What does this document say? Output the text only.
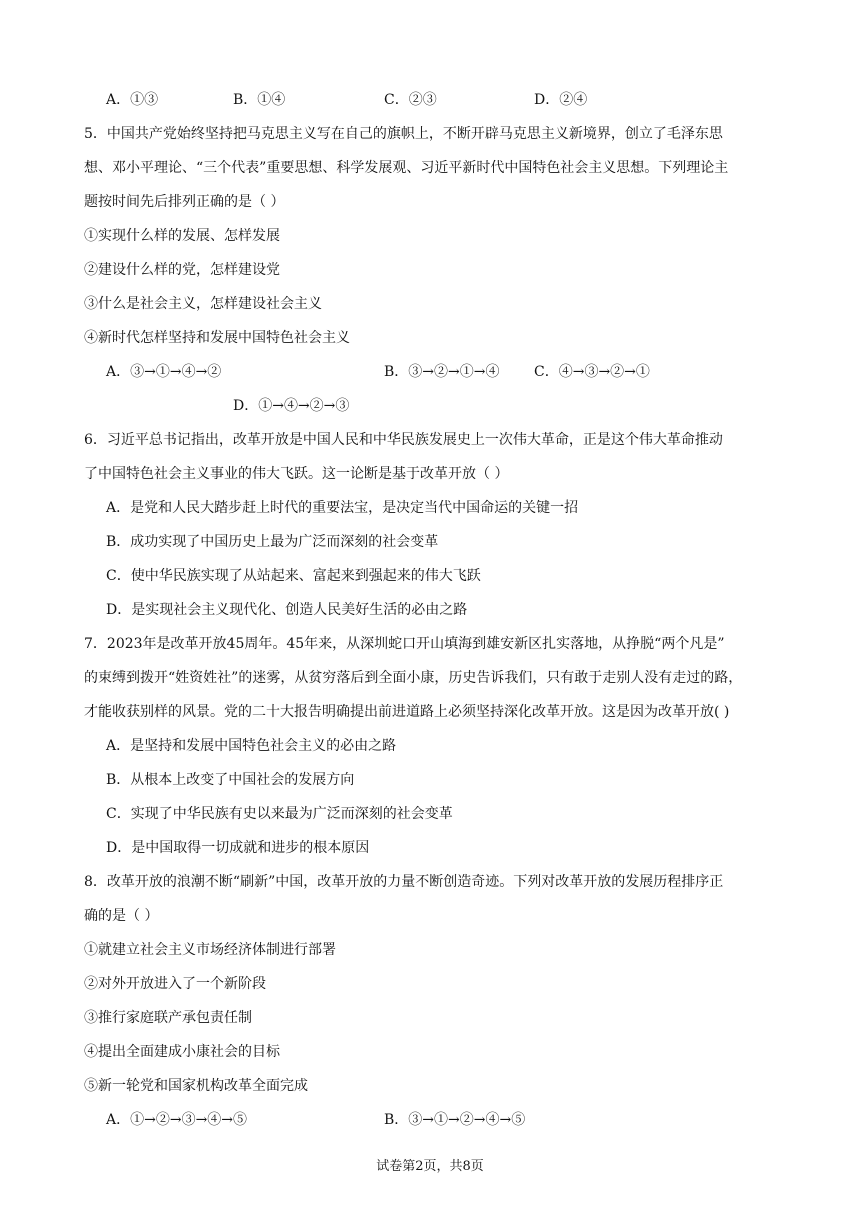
A．①③	B．①④	C．②③	D．②④
5．中国共产党始终坚持把马克思主义写在自己的旗帜上，不断开辟马克思主义新境界，创立了毛泽东思
想、邓小平理论、“三个代表”重要思想、科学发展观、习近平新时代中国特色社会主义思想。下列理论主
题按时间先后排列正确的是（ ）
①实现什么样的发展、怎样发展
②建设什么样的党，怎样建设党
③什么是社会主义，怎样建设社会主义
④新时代怎样坚持和发展中国特色社会主义
A．③→①→④→②	B．③→②→①→④ C．④→③→②→①
D．①→④→②→③
6．习近平总书记指出，改革开放是中国人民和中华民族发展史上一次伟大革命，正是这个伟大革命推动
了中国特色社会主义事业的伟大飞跃。这一论断是基于改革开放（ ）
A．是党和人民大踏步赶上时代的重要法宝，是决定当代中国命运的关键一招
B．成功实现了中国历史上最为广泛而深刻的社会变革
C．使中华民族实现了从站起来、富起来到强起来的伟大飞跃
D．是实现社会主义现代化、创造人民美好生活的必由之路
7．2023年是改革开放45周年。45年来，从深圳蛇口开山填海到雄安新区扎实落地，从挣脱“两个凡是”
的束缚到拨开“姓资姓社”的迷雾，从贫穷落后到全面小康，历史告诉我们，只有敢于走别人没有走过的路，
才能收获别样的风景。党的二十大报告明确提出前进道路上必须坚持深化改革开放。这是因为改革开放( )
A．是坚持和发展中国特色社会主义的必由之路
B．从根本上改变了中国社会的发展方向
C．实现了中华民族有史以来最为广泛而深刻的社会变革
D．是中国取得一切成就和进步的根本原因
8．改革开放的浪潮不断“刷新”中国，改革开放的力量不断创造奇迹。下列对改革开放的发展历程排序正
确的是（ ）
①就建立社会主义市场经济体制进行部署
②对外开放进入了一个新阶段
③推行家庭联产承包责任制
④提出全面建成小康社会的目标
⑤新一轮党和国家机构改革全面完成
A．①→②→③→④→⑤	B．③→①→②→④→⑤
试卷第2页，共8页
